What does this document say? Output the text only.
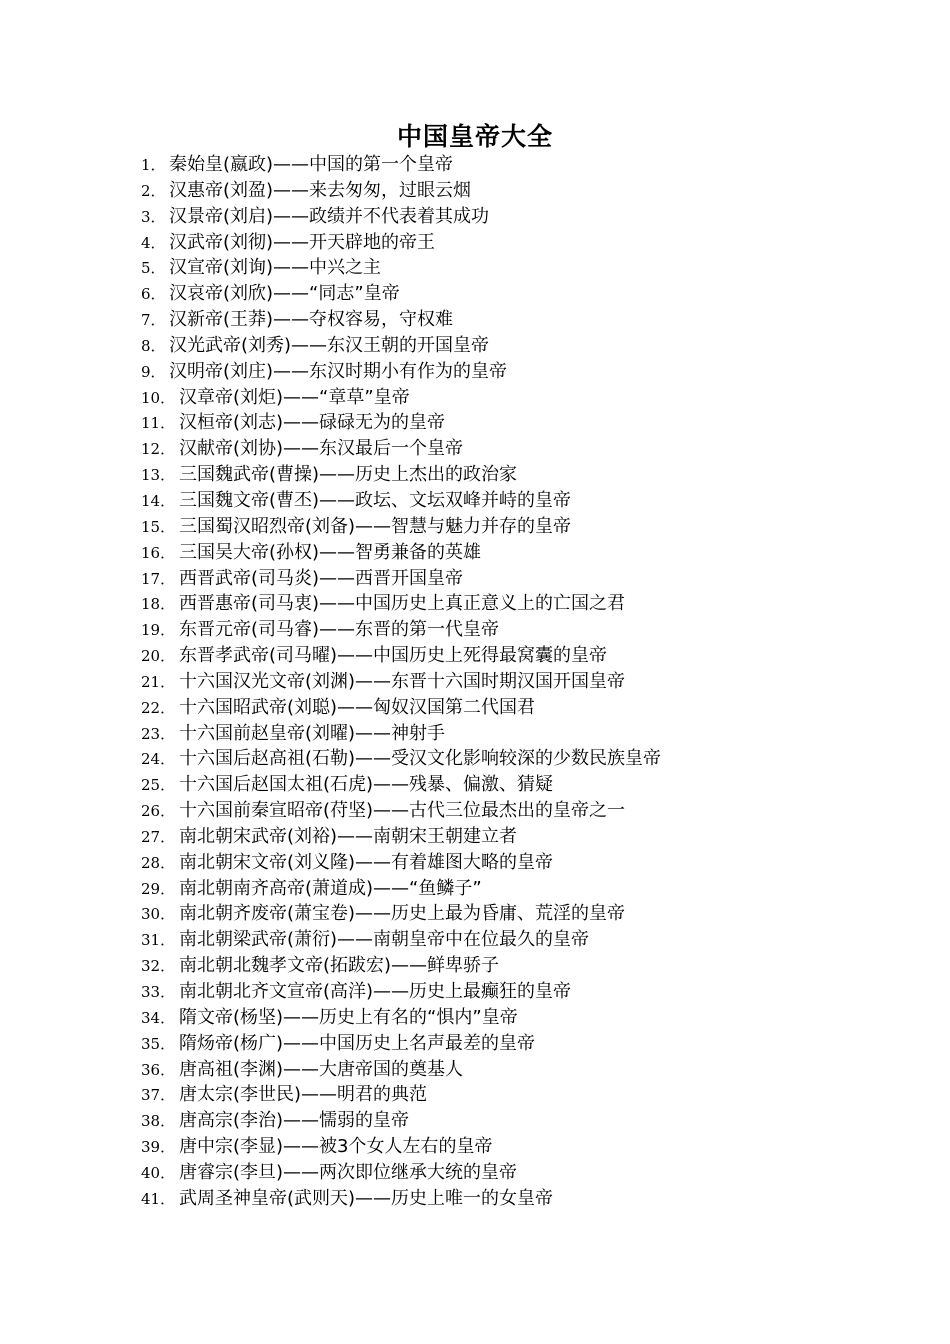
中国皇帝大全
1． 秦始皇(嬴政)——中国的第一个皇帝
2． 汉惠帝(刘盈)——来去匆匆，过眼云烟
3． 汉景帝(刘启)——政绩并不代表着其成功
4． 汉武帝(刘彻)——开天辟地的帝王
5． 汉宣帝(刘询)——中兴之主
6． 汉哀帝(刘欣)——“同志”皇帝
7． 汉新帝(王莽)——夺权容易，守权难
8． 汉光武帝(刘秀)——东汉王朝的开国皇帝
9． 汉明帝(刘庄)——东汉时期小有作为的皇帝
10． 汉章帝(刘炬)——“章草”皇帝
11． 汉桓帝(刘志)——碌碌无为的皇帝
12． 汉献帝(刘协)——东汉最后一个皇帝
13． 三国魏武帝(曹操)——历史上杰出的政治家
14． 三国魏文帝(曹丕)——政坛、文坛双峰并峙的皇帝
15． 三国蜀汉昭烈帝(刘备)——智慧与魅力并存的皇帝
16． 三国吴大帝(孙权)——智勇兼备的英雄
17． 西晋武帝(司马炎)——西晋开国皇帝
18． 西晋惠帝(司马衷)——中国历史上真正意义上的亡国之君
19． 东晋元帝(司马睿)——东晋的第一代皇帝
20． 东晋孝武帝(司马曜)——中国历史上死得最窝囊的皇帝
21． 十六国汉光文帝(刘渊)——东晋十六国时期汉国开国皇帝
22． 十六国昭武帝(刘聪)——匈奴汉国第二代国君
23． 十六国前赵皇帝(刘曜)——神射手
24． 十六国后赵高祖(石勒)——受汉文化影响较深的少数民族皇帝
25． 十六国后赵国太祖(石虎)——残暴、偏激、猜疑
26． 十六国前秦宣昭帝(苻坚)——古代三位最杰出的皇帝之一
27． 南北朝宋武帝(刘裕)——南朝宋王朝建立者
28． 南北朝宋文帝(刘义隆)——有着雄图大略的皇帝
29． 南北朝南齐高帝(萧道成)——“鱼鳞子”
30． 南北朝齐废帝(萧宝卷)——历史上最为昏庸、荒淫的皇帝
31． 南北朝梁武帝(萧衍)——南朝皇帝中在位最久的皇帝
32． 南北朝北魏孝文帝(拓跋宏)——鲜卑骄子
33． 南北朝北齐文宣帝(高洋)——历史上最癫狂的皇帝
34． 隋文帝(杨坚)——历史上有名的“惧内”皇帝
35． 隋炀帝(杨广)——中国历史上名声最差的皇帝
36． 唐高祖(李渊)——大唐帝国的奠基人
37． 唐太宗(李世民)——明君的典范
38． 唐高宗(李治)——懦弱的皇帝
39． 唐中宗(李显)——被3个女人左右的皇帝
40． 唐睿宗(李旦)——两次即位继承大统的皇帝
41． 武周圣神皇帝(武则天)——历史上唯一的女皇帝
